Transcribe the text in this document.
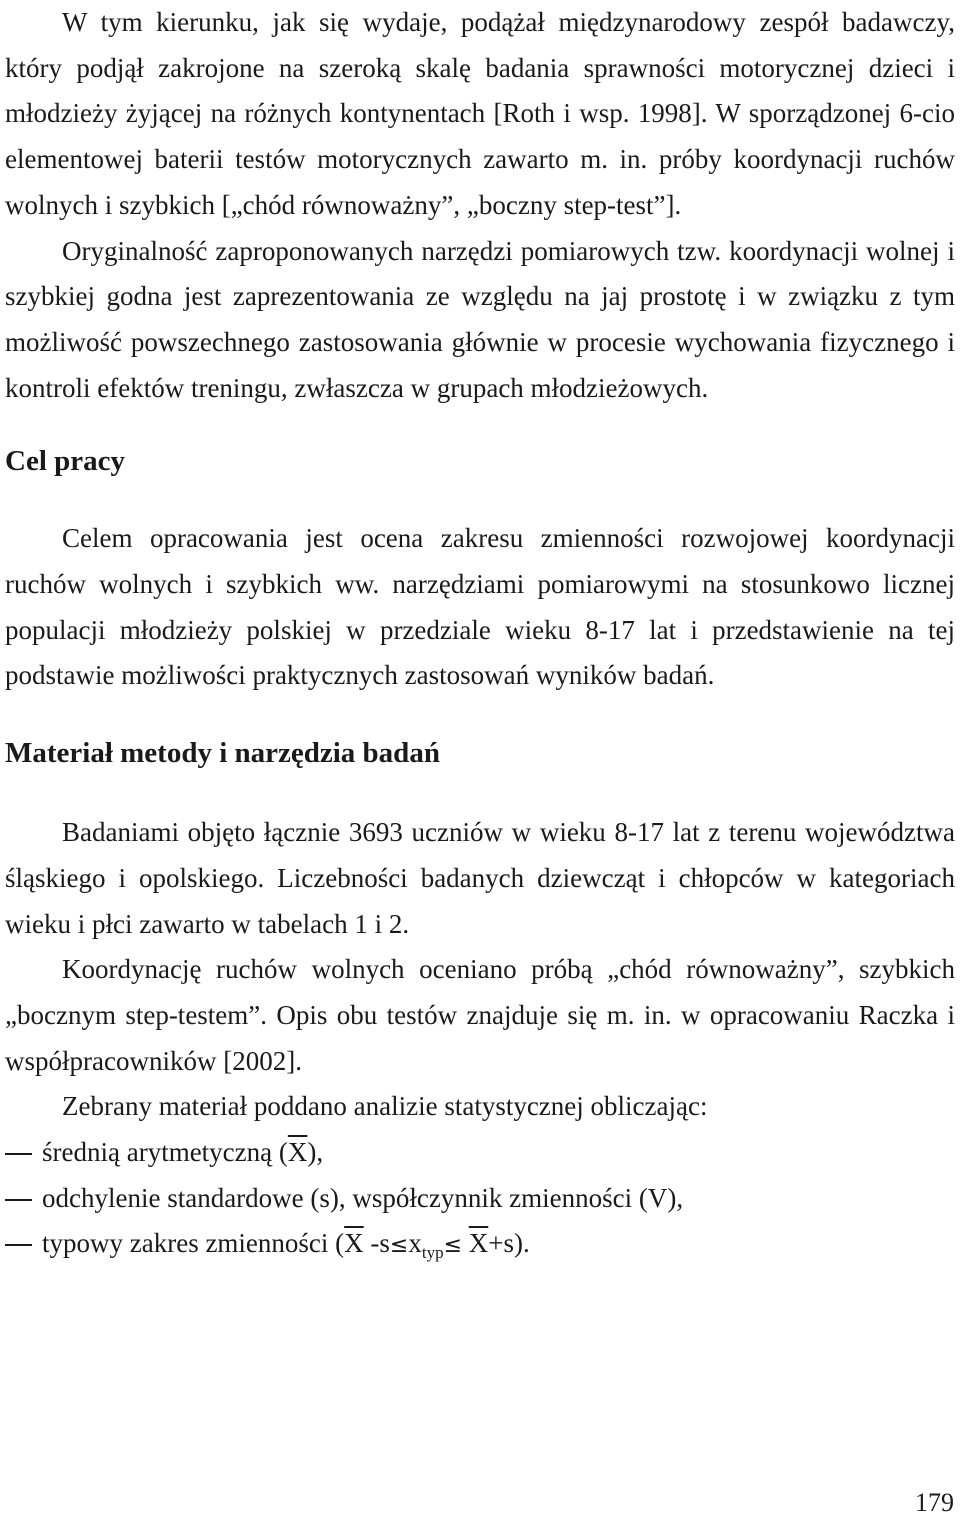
W tym kierunku, jak się wydaje, podążał międzynarodowy zespół badawczy, który podjął zakrojone na szeroką skalę badania sprawności motorycznej dzieci i młodzieży żyjącej na różnych kontynentach [Roth i wsp. 1998]. W sporządzonej 6-cio elementowej baterii testów motorycznych zawarto m. in. próby koordynacji ruchów wolnych i szybkich [„chód równoważny”, „boczny step-test”].

Oryginalność zaproponowanych narzędzi pomiarowych tzw. koordynacji wolnej i szybkiej godna jest zaprezentowania ze względu na jaj prostotę i w związku z tym możliwość powszechnego zastosowania głównie w procesie wychowania fizycznego i kontroli efektów treningu, zwłaszcza w grupach młodzieżowych.

Cel pracy

Celem opracowania jest ocena zakresu zmienności rozwojowej koordynacji ruchów wolnych i szybkich ww. narzędziami pomiarowymi na stosunkowo licznej populacji młodzieży polskiej w przedziale wieku 8-17 lat i przedstawienie na tej podstawie możliwości praktycznych zastosowań wyników badań.

Materiał metody i narzędzia badań

Badaniami objęto łącznie 3693 uczniów w wieku 8-17 lat z terenu województwa śląskiego i opolskiego. Liczebności badanych dziewcząt i chłopców w kategoriach wieku i płci zawarto w tabelach 1 i 2.

Koordynację ruchów wolnych oceniano próbą „chód równoważny”, szybkich „bocznym step-testem”. Opis obu testów znajduje się m. in. w opracowaniu Raczka i współpracowników [2002].

Zebrany materiał poddano analizie statystycznej obliczając:

średnią arytmetyczną $(\overline{X})$,
odchylenie standardowe (s), współczynnik zmienności (V),
typowy zakres zmienności ($\overline{X}$ $-s\le x_{typ}\le \overline{X}+s$).
179
